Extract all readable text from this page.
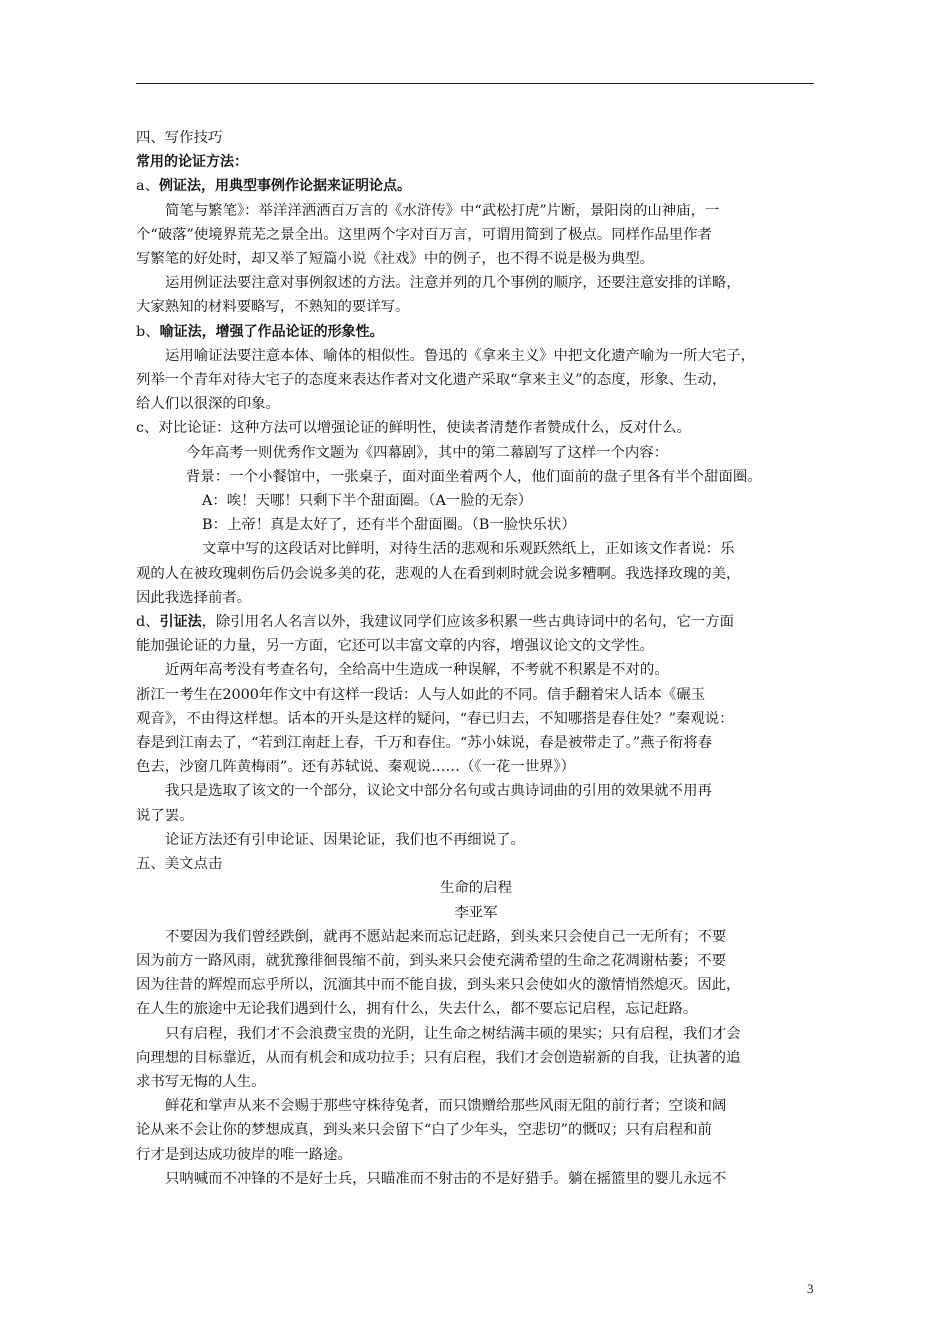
四、写作技巧
常用的论证方法：
a、例证法，用典型事例作论据来证明论点。
简笔与繁笔》：举洋洋洒洒百万言的《水浒传》中“武松打虎”片断，景阳岗的山神庙，一
个“破落”使境界荒芜之景全出。这里两个字对百万言，可谓用简到了极点。同样作品里作者
写繁笔的好处时，却又举了短篇小说《社戏》中的例子，也不得不说是极为典型。
运用例证法要注意对事例叙述的方法。注意并列的几个事例的顺序，还要注意安排的详略，
大家熟知的材料要略写，不熟知的要详写。
b、喻证法，增强了作品论证的形象性。
运用喻证法要注意本体、喻体的相似性。鲁迅的《拿来主义》中把文化遗产喻为一所大宅子，
列举一个青年对待大宅子的态度来表达作者对文化遗产采取“拿来主义”的态度，形象、生动，
给人们以很深的印象。
c、对比论证：这种方法可以增强论证的鲜明性，使读者清楚作者赞成什么，反对什么。
今年高考一则优秀作文题为《四幕剧》，其中的第二幕剧写了这样一个内容：
背景：一个小餐馆中，一张桌子，面对面坐着两个人，他们面前的盘子里各有半个甜面圈。
A：唉！天哪！只剩下半个甜面圈。（A一脸的无奈）
B：上帝！真是太好了，还有半个甜面圈。（B一脸快乐状）
文章中写的这段话对比鲜明，对待生活的悲观和乐观跃然纸上，正如该文作者说：乐
观的人在被玫瑰刺伤后仍会说多美的花，悲观的人在看到刺时就会说多糟啊。我选择玫瑰的美，
因此我选择前者。
d、引证法，除引用名人名言以外，我建议同学们应该多积累一些古典诗词中的名句，它一方面
能加强论证的力量，另一方面，它还可以丰富文章的内容，增强议论文的文学性。
近两年高考没有考查名句，全给高中生造成一种误解，不考就不积累是不对的。
浙江一考生在2000年作文中有这样一段话：人与人如此的不同。信手翻着宋人话本《碾玉
观音》，不由得这样想。话本的开头是这样的疑问，“春已归去，不知哪搭是春住处？”秦观说：
春是到江南去了，“若到江南赶上春，千万和春住。“苏小妹说，春是被带走了。”燕子衔将春
色去，沙窗几阵黄梅雨”。还有苏轼说、秦观说……（《一花一世界》）
我只是选取了该文的一个部分，议论文中部分名句或古典诗词曲的引用的效果就不用再
说了罢。
论证方法还有引申论证、因果论证，我们也不再细说了。
五、美文点击
生命的启程
李亚军
不要因为我们曾经跌倒，就再不愿站起来而忘记赶路，到头来只会使自己一无所有；不要
因为前方一路风雨，就犹豫徘徊畏缩不前，到头来只会使充满希望的生命之花凋谢枯萎；不要
因为往昔的辉煌而忘乎所以，沉湎其中而不能自拔，到头来只会使如火的激情悄然熄灭。因此，
在人生的旅途中无论我们遇到什么，拥有什么，失去什么，都不要忘记启程，忘记赶路。
只有启程，我们才不会浪费宝贵的光阴，让生命之树结满丰硕的果实；只有启程，我们才会
向理想的目标靠近，从而有机会和成功拉手；只有启程，我们才会创造崭新的自我，让执著的追
求书写无悔的人生。
鲜花和掌声从来不会赐于那些守株待兔者，而只馈赠给那些风雨无阻的前行者；空谈和阔
论从来不会让你的梦想成真，到头来只会留下“白了少年头，空悲切”的慨叹；只有启程和前
行才是到达成功彼岸的唯一路途。
只呐喊而不冲锋的不是好士兵，只瞄准而不射击的不是好猎手。躺在摇篮里的婴儿永远不
3
